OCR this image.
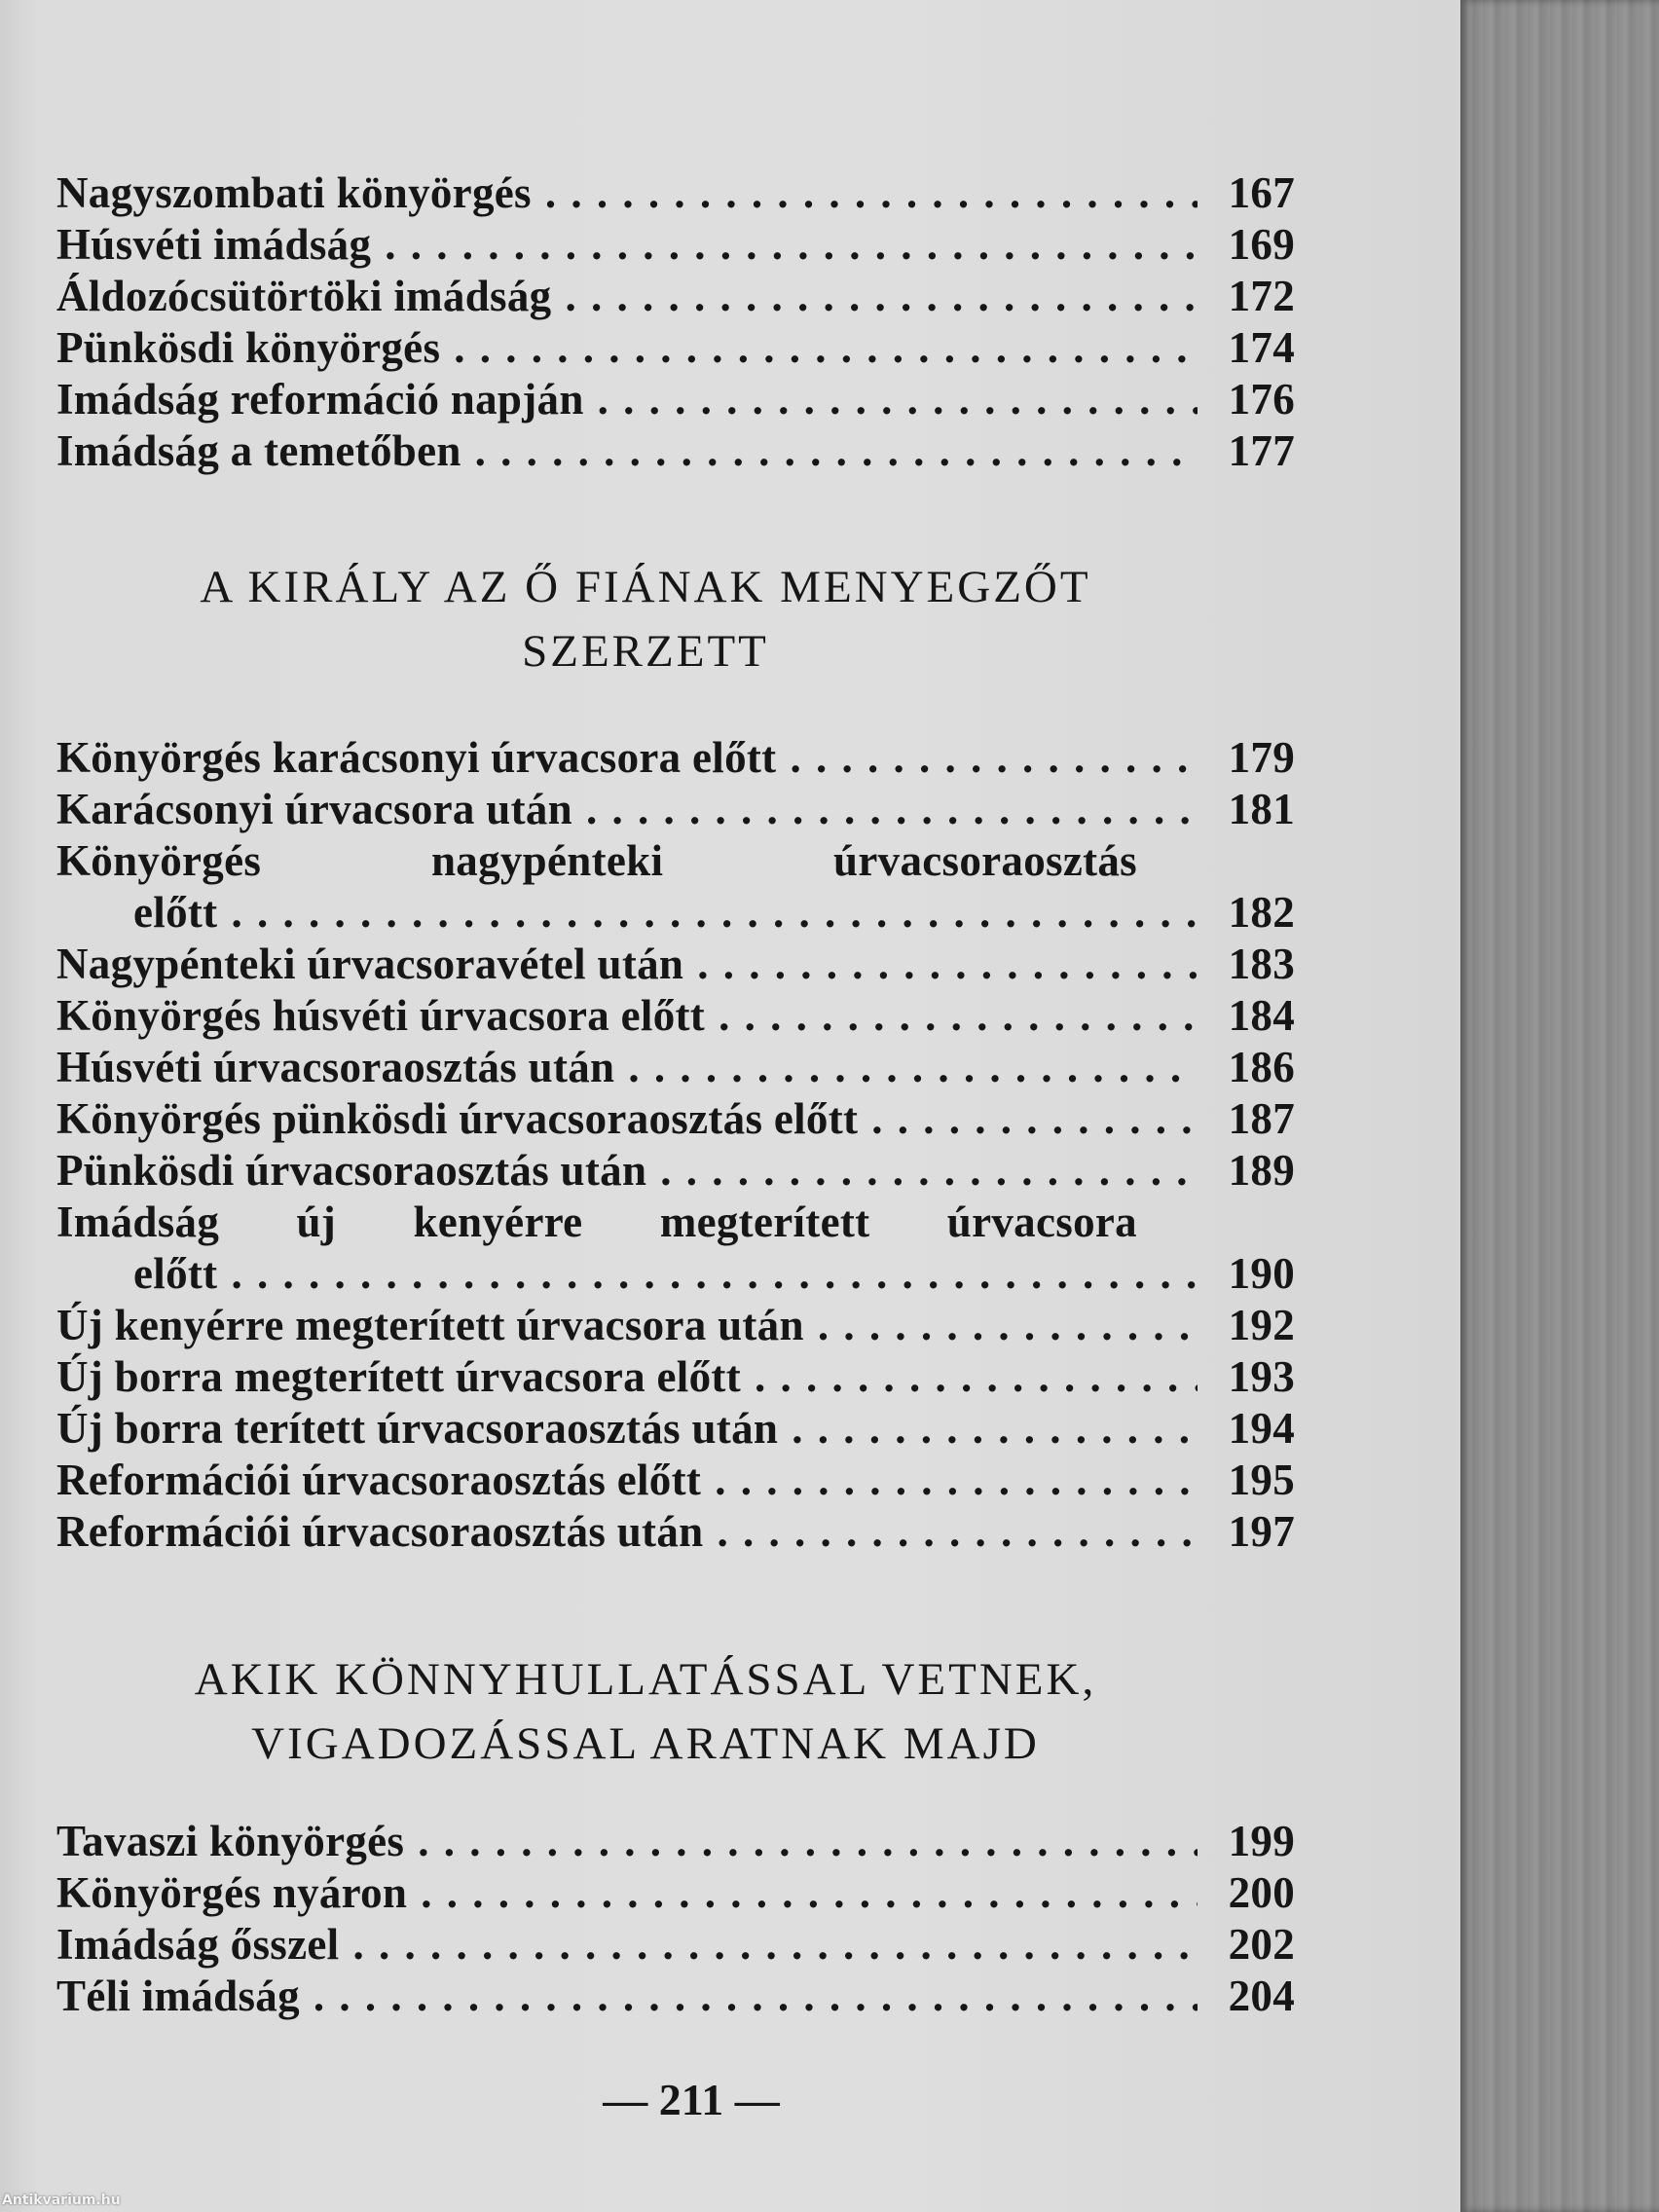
Nagyszombati könyörgés . . .	167
Húsvéti imádság . . .	169
Áldozócsütörtöki imádság . . .	172
Pünkösdi könyörgés . . .	174
Imádság reformáció napján . . .	176
Imádság a temetőben . . .	177
A KIRÁLY AZ Ő FIÁNAK MENYEGZŐT
SZERZETT
Könyörgés karácsonyi úrvacsora előtt . . .	179
Karácsonyi úrvacsora után . . .	181
Könyörgés	nagypénteki	úrvacsoraosztás
előtt . . .	182
Nagypénteki úrvacsoravétel után . . .	183
Könyörgés húsvéti úrvacsora előtt . . .	184
Húsvéti úrvacsoraosztás után . . .	186
Könyörgés pünkösdi úrvacsoraosztás előtt . . .	187
Pünkösdi úrvacsoraosztás után . . .	189
Imádság új kenyérre megterített úrvacsora
előtt . . .	190
Új kenyérre megterített úrvacsora után . . .	192
Új borra megterített úrvacsora előtt . . .	193
Új borra terített úrvacsoraosztás után . . .	194
Reformációi úrvacsoraosztás előtt . . .	195
Reformációi úrvacsoraosztás után . . .	197
AKIK KÖNNYHULLATÁSSAL VETNEK,
VIGADOZÁSSAL ARATNAK MAJD
Tavaszi könyörgés . . .	199
Könyörgés nyáron . . .	200
Imádság ősszel . . .	202
Téli imádság . . .	204
— 211 —
Antikvarium.hu
